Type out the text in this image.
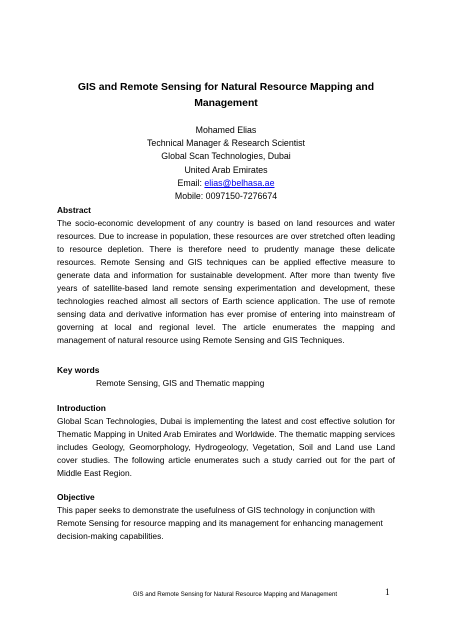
GIS and Remote Sensing for Natural Resource Mapping and Management
Mohamed Elias
Technical Manager & Research Scientist
Global Scan Technologies, Dubai
United Arab Emirates
Email: elias@belhasa.ae
Mobile: 0097150-7276674
Abstract
The socio-economic development of any country is based on land resources and water resources. Due to increase in population, these resources are over stretched often leading to resource depletion. There is therefore need to prudently manage these delicate resources. Remote Sensing and GIS techniques can be applied effective measure to generate data and information for sustainable development. After more than twenty five years of satellite-based land remote sensing experimentation and development, these technologies reached almost all sectors of Earth science application. The use of remote sensing data and derivative information has ever promise of entering into mainstream of governing at local and regional level. The article enumerates the mapping and management of natural resource using Remote Sensing and GIS Techniques.
Key words
Remote Sensing, GIS and Thematic mapping
Introduction
Global Scan Technologies, Dubai is implementing the latest and cost effective solution for Thematic Mapping in United Arab Emirates and Worldwide. The thematic mapping services includes Geology, Geomorphology, Hydrogeology, Vegetation, Soil and Land use Land cover studies. The following article enumerates such a study carried out for the part of Middle East Region.
Objective
This paper seeks to demonstrate the usefulness of GIS technology in conjunction with Remote Sensing for resource mapping and its management for enhancing management decision-making capabilities.
GIS and Remote Sensing for Natural Resource Mapping and Management	1
